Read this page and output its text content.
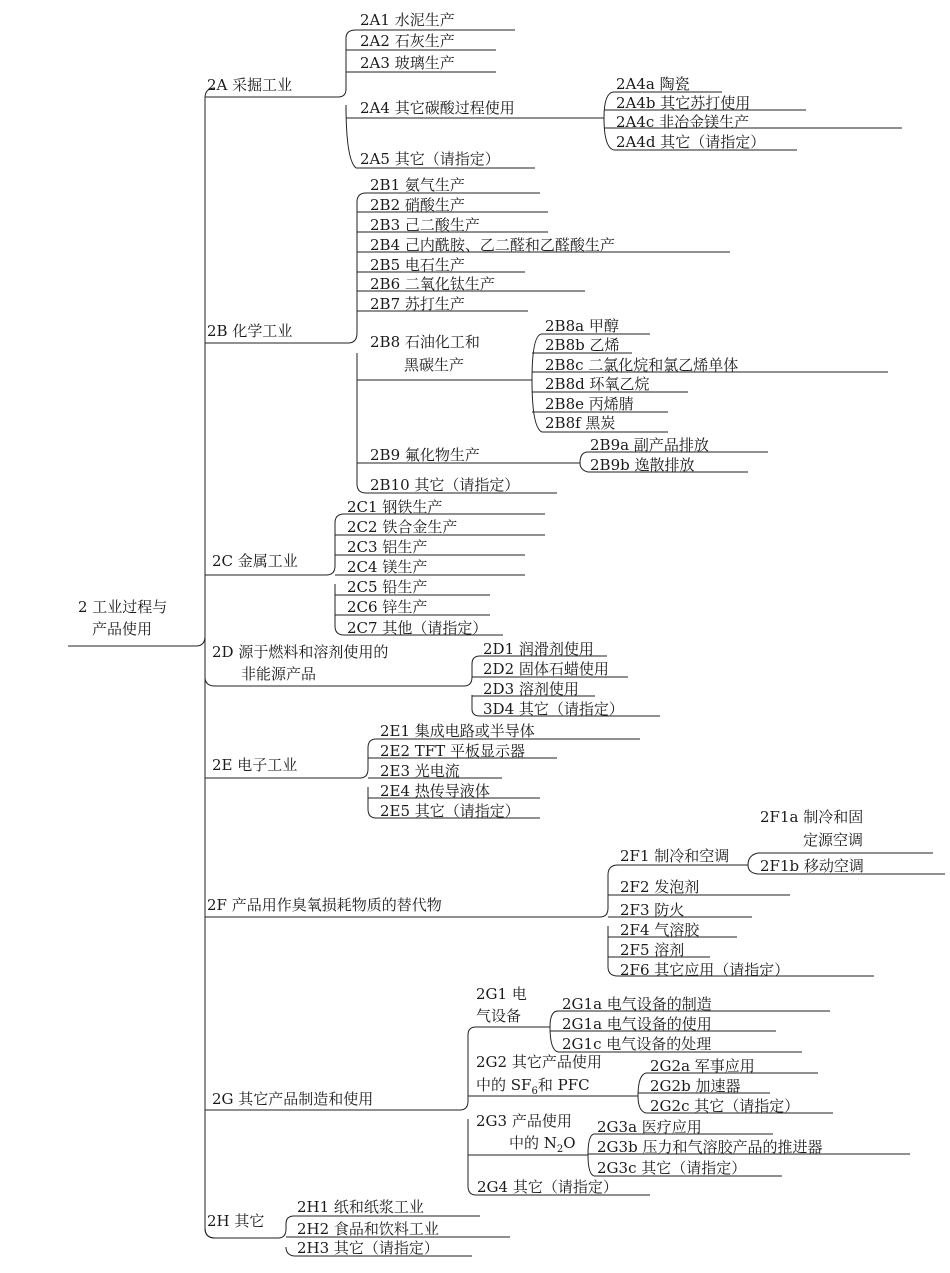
2 工业过程与
产品使用
2A 采掘工业
2A1 水泥生产
2A2 石灰生产
2A3 玻璃生产
2A4 其它碳酸过程使用
2A5 其它（请指定）
2A4a 陶瓷
2A4b 其它苏打使用
2A4c 非冶金镁生产
2A4d 其它（请指定）
2B 化学工业
2B1 氨气生产
2B2 硝酸生产
2B3 己二酸生产
2B4 己内酰胺、乙二醛和乙醛酸生产
2B5 电石生产
2B6 二氧化钛生产
2B7 苏打生产
2B8 石油化工和
黑碳生产
2B9 氟化物生产
2B10 其它（请指定）
2B8a 甲醇
2B8b 乙烯
2B8c 二氯化烷和氯乙烯单体
2B8d 环氧乙烷
2B8e 丙烯腈
2B8f 黑炭
2B9a 副产品排放
2B9b 逸散排放
2C 金属工业
2C1 钢铁生产
2C2 铁合金生产
2C3 铝生产
2C4 镁生产
2C5 铅生产
2C6 锌生产
2C7 其他（请指定）
2D 源于燃料和溶剂使用的
非能源产品
2D1 润滑剂使用
2D2 固体石蜡使用
2D3 溶剂使用
3D4 其它（请指定）
2E 电子工业
2E1 集成电路或半导体
2E2 TFT 平板显示器
2E3 光电流
2E4 热传导液体
2E5 其它（请指定）
2F 产品用作臭氧损耗物质的替代物
2F1 制冷和空调
2F1a 制冷和固
定源空调
2F1b 移动空调
2F2 发泡剂
2F3 防火
2F4 气溶胶
2F5 溶剂
2F6 其它应用（请指定）
2G 其它产品制造和使用
2G1 电
气设备
2G1a 电气设备的制造
2G1a 电气设备的使用
2G1c 电气设备的处理
2G2 其它产品使用
中的 $SF_6$和 PFC
2G2a 军事应用
2G2b 加速器
2G2c 其它（请指定）
2G3 产品使用
中的 $N_2O$
2G3a 医疗应用
2G3b 压力和气溶胶产品的推进器
2G3c 其它（请指定）
2G4 其它（请指定）
2H 其它
2H1 纸和纸浆工业
2H2 食品和饮料工业
2H3 其它（请指定）
